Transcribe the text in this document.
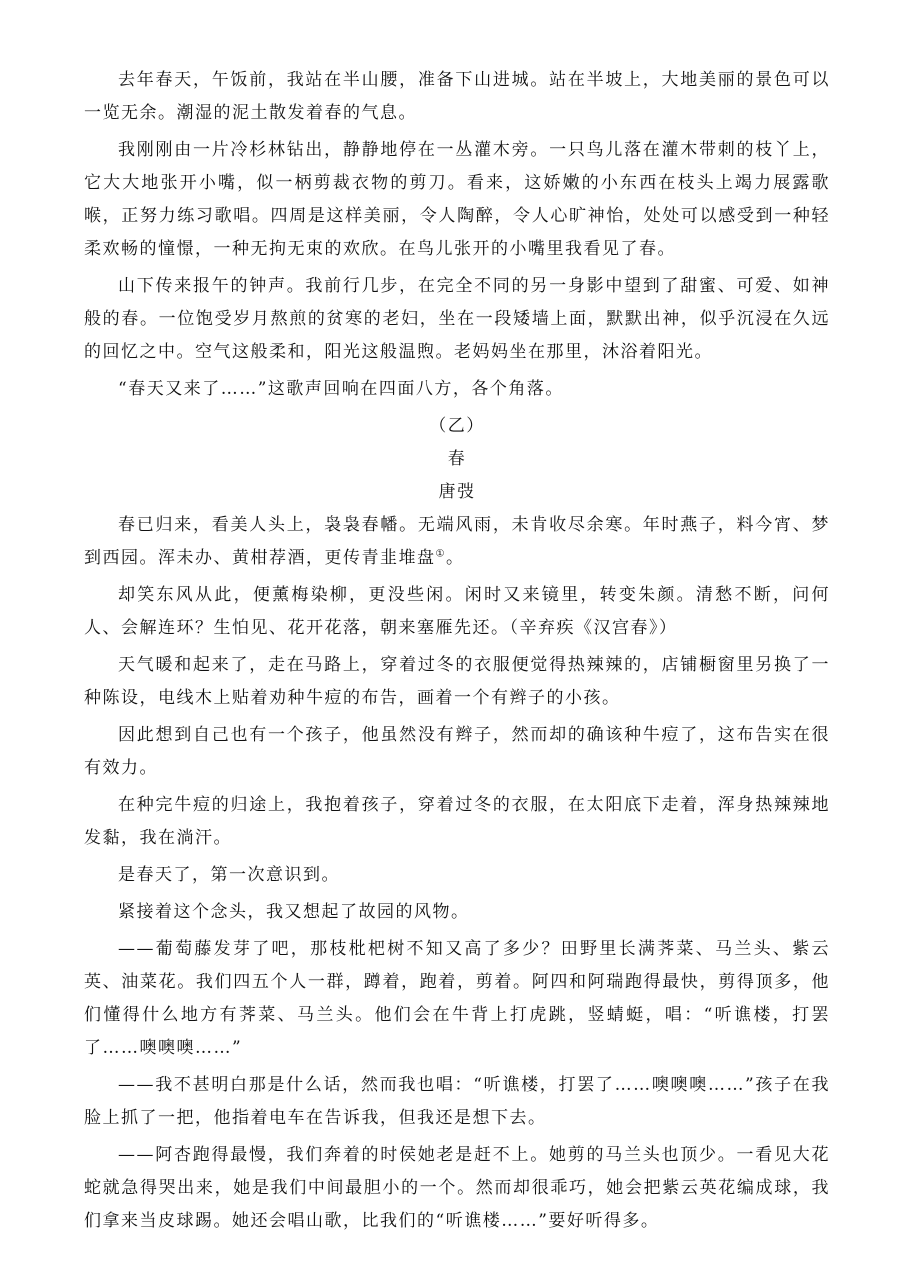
去年春天，午饭前，我站在半山腰，准备下山进城。站在半坡上，大地美丽的景色可以一览无余。潮湿的泥土散发着春的气息。

我刚刚由一片冷杉林钻出，静静地停在一丛灌木旁。一只鸟儿落在灌木带刺的枝丫上，它大大地张开小嘴，似一柄剪裁衣物的剪刀。看来，这娇嫩的小东西在枝头上竭力展露歌喉，正努力练习歌唱。四周是这样美丽，令人陶醉，令人心旷神怡，处处可以感受到一种轻柔欢畅的憧憬，一种无拘无束的欢欣。在鸟儿张开的小嘴里我看见了春。

山下传来报午的钟声。我前行几步，在完全不同的另一身影中望到了甜蜜、可爱、如神般的春。一位饱受岁月熬煎的贫寒的老妇，坐在一段矮墙上面，默默出神，似乎沉浸在久远的回忆之中。空气这般柔和，阳光这般温煦。老妈妈坐在那里，沐浴着阳光。

“春天又来了……”这歌声回响在四面八方，各个角落。

（乙）

春

唐弢

春已归来，看美人头上，袅袅春幡。无端风雨，未肯收尽余寒。年时燕子，料今宵、梦到西园。浑未办、黄柑荐酒，更传青韭堆盘①。

却笑东风从此，便薰梅染柳，更没些闲。闲时又来镜里，转变朱颜。清愁不断，问何人、会解连环？生怕见、花开花落，朝来塞雁先还。（辛弃疾《汉宫春》）

天气暖和起来了，走在马路上，穿着过冬的衣服便觉得热辣辣的，店铺橱窗里另换了一种陈设，电线木上贴着劝种牛痘的布告，画着一个有辫子的小孩。

因此想到自己也有一个孩子，他虽然没有辫子，然而却的确该种牛痘了，这布告实在很有效力。

在种完牛痘的归途上，我抱着孩子，穿着过冬的衣服，在太阳底下走着，浑身热辣辣地发黏，我在淌汗。

是春天了，第一次意识到。

紧接着这个念头，我又想起了故园的风物。

——葡萄藤发芽了吧，那枝枇杷树不知又高了多少？田野里长满荠菜、马兰头、紫云英、油菜花。我们四五个人一群，蹲着，跑着，剪着。阿四和阿瑞跑得最快，剪得顶多，他们懂得什么地方有荠菜、马兰头。他们会在牛背上打虎跳，竖蜻蜓，唱：“听谯楼，打罢了……噢噢噢……”

——我不甚明白那是什么话，然而我也唱：“听谯楼，打罢了……噢噢噢……”孩子在我脸上抓了一把，他指着电车在告诉我，但我还是想下去。

——阿杏跑得最慢，我们奔着的时侯她老是赶不上。她剪的马兰头也顶少。一看见大花蛇就急得哭出来，她是我们中间最胆小的一个。然而却很乖巧，她会把紫云英花编成球，我们拿来当皮球踢。她还会唱山歌，比我们的“听谯楼……”要好听得多。
